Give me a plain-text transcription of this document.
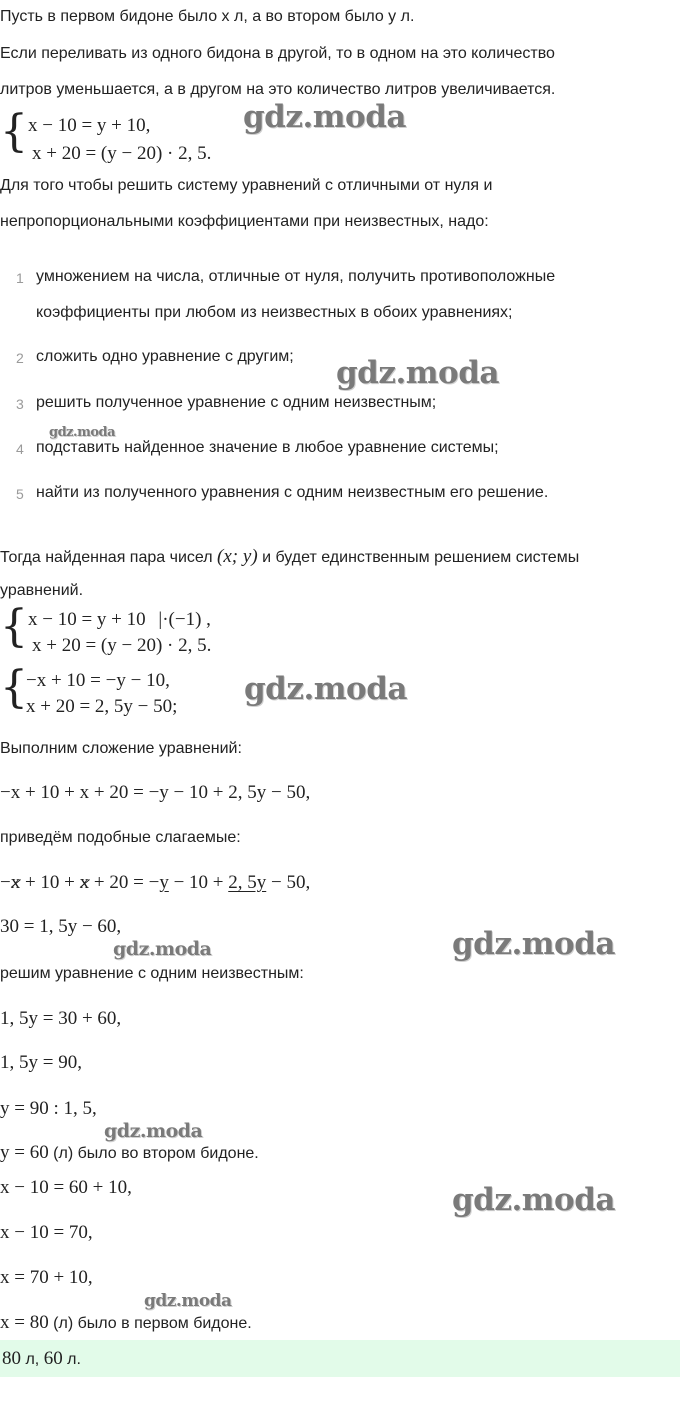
Пусть в первом бидоне было x л, а во втором было y л.
Если переливать из одного бидона в другой, то в одном на это количество
литров уменьшается, а в другом на это количество литров увеличивается.
{ x − 10 = y + 10,
x + 20 = (y − 20) · 2, 5.
Для того чтобы решить систему уравнений с отличными от нуля и
непропорциональными коэффициентами при неизвестных, надо:
1 умножением на числа, отличные от нуля, получить противоположные
коэффициенты при любом из неизвестных в обоих уравнениях;
2 сложить одно уравнение с другим;
3 решить полученное уравнение с одним неизвестным;
4 подставить найденное значение в любое уравнение системы;
5 найти из полученного уравнения с одним неизвестным его решение.
Тогда найденная пара чисел (x; y) и будет единственным решением системы
уравнений.
{ x − 10 = y + 10 |·(−1) ,
x + 20 = (y − 20) · 2, 5.
{
−x + 10 = −y − 10,
x + 20 = 2, 5y − 50;
Выполним сложение уравнений:
−x + 10 + x + 20 = −y − 10 + 2, 5y − 50,
приведём подобные слагаемые:
−x + 10 + x + 20 = −y − 10 + 2, 5y − 50,
30 = 1, 5y − 60,
решим уравнение с одним неизвестным:
1, 5y = 30 + 60,
1, 5y = 90,
y = 90 : 1, 5,
y = 60 (л) было во втором бидоне.
x − 10 = 60 + 10,
x − 10 = 70,
x = 70 + 10,
x = 80 (л) было в первом бидоне.
80 л, 60 л.
gdz.moda
gdz.moda
gdz.moda
gdz.moda
gdz.moda	gdz.moda
gdz.moda
gdz.moda
gdz.moda
